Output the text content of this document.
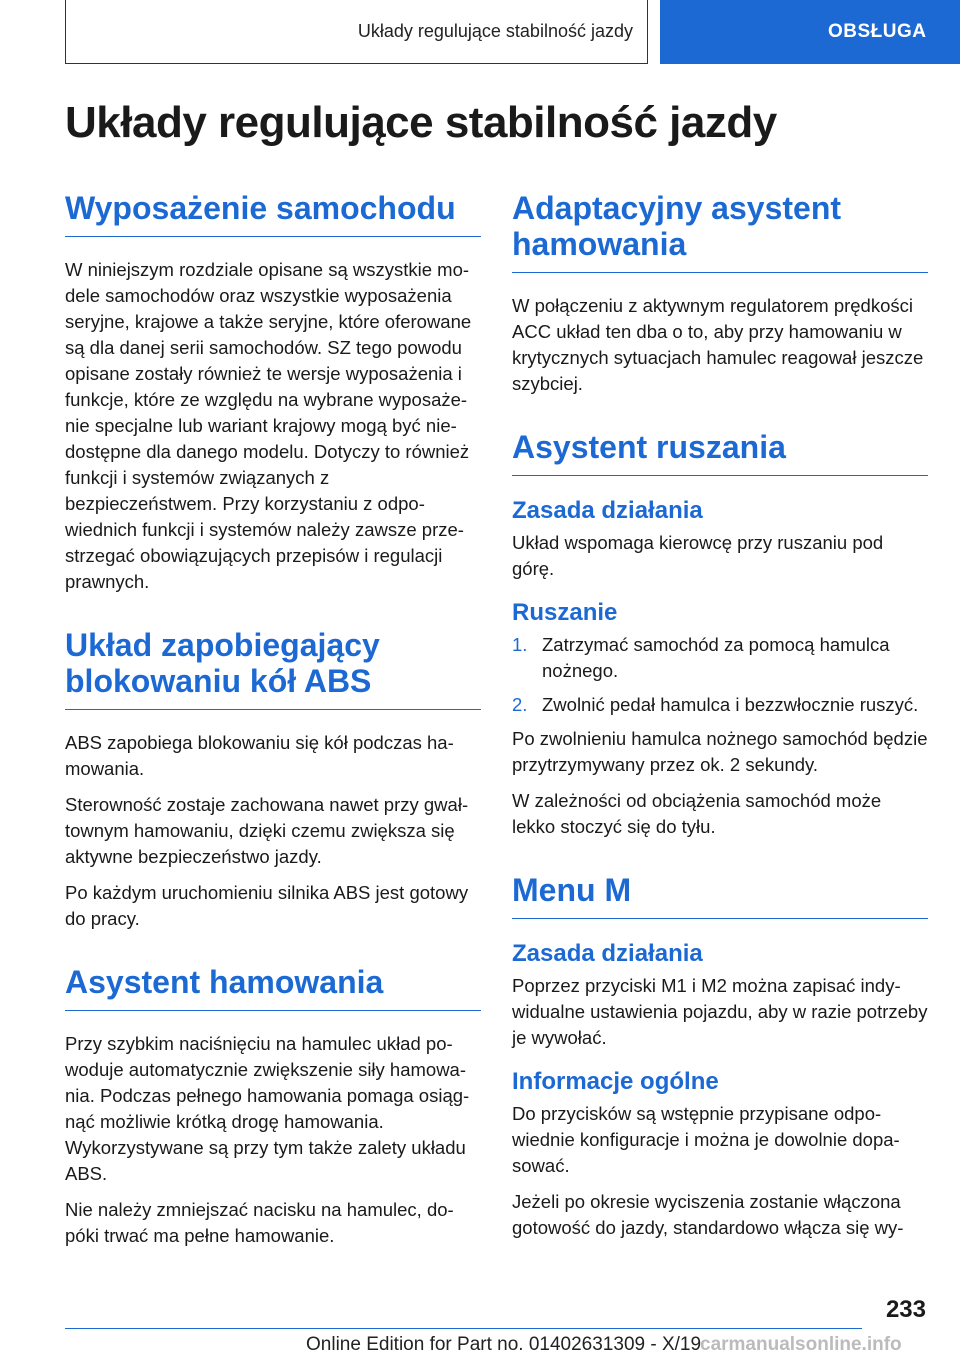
Układy regulujące stabilność jazdy	OBSŁUGA
Układy regulujące stabilność jazdy
Wyposażenie samochodu

W niniejszym rozdziale opisane są wszystkie modele samochodów oraz wszystkie wyposażenia seryjne, krajowe a także seryjne, które oferowane są dla danej serii samochodów. SZ tego powodu opisane zostały również te wersje wyposażenia i funkcje, które ze względu na wybrane wyposażenie specjalne lub wariant krajowy mogą być niedostępne dla danego modelu. Dotyczy to również funkcji i systemów związanych z bezpieczeństwem. Przy korzystaniu z odpowiednich funkcji i systemów należy zawsze przestrzegać obowiązujących przepisów i regulacji prawnych.

Układ zapobiegający blokowaniu kół ABS

ABS zapobiega blokowaniu się kół podczas hamowania.

Sterowność zostaje zachowana nawet przy gwałtownym hamowaniu, dzięki czemu zwiększa się aktywne bezpieczeństwo jazdy.

Po każdym uruchomieniu silnika ABS jest gotowy do pracy.

Asystent hamowania

Przy szybkim naciśnięciu na hamulec układ powoduje automatycznie zwiększenie siły hamowania. Podczas pełnego hamowania pomaga osiągnąć możliwie krótką drogę hamowania. Wykorzystywane są przy tym także zalety układu ABS.

Nie należy zmniejszać nacisku na hamulec, dopóki trwać ma pełne hamowanie.

Adaptacyjny asystent hamowania

W połączeniu z aktywnym regulatorem prędkości ACC układ ten dba o to, aby przy hamowaniu w krytycznych sytuacjach hamulec reagował jeszcze szybciej.

Asystent ruszania
Zasada działania

Układ wspomaga kierowcę przy ruszaniu pod górę.

Ruszanie
1. Zatrzymać samochód za pomocą hamulca nożnego.
2. Zwolnić pedał hamulca i bezzwłocznie ruszyć.

Po zwolnieniu hamulca nożnego samochód będzie przytrzymywany przez ok. 2 sekundy.

W zależności od obciążenia samochód może lekko stoczyć się do tyłu.

Menu M
Zasada działania

Poprzez przyciski M1 i M2 można zapisać indywidualne ustawienia pojazdu, aby w razie potrzeby je wywołać.

Informacje ogólne

Do przycisków są wstępnie przypisane odpowiednie konfiguracje i można je dowolnie dopasować.

Jeżeli po okresie wyciszenia zostanie włączona gotowość do jazdy, standardowo włącza się wy-

233
Online Edition for Part no. 01402631309 - X/19
carmanualsonline.info
